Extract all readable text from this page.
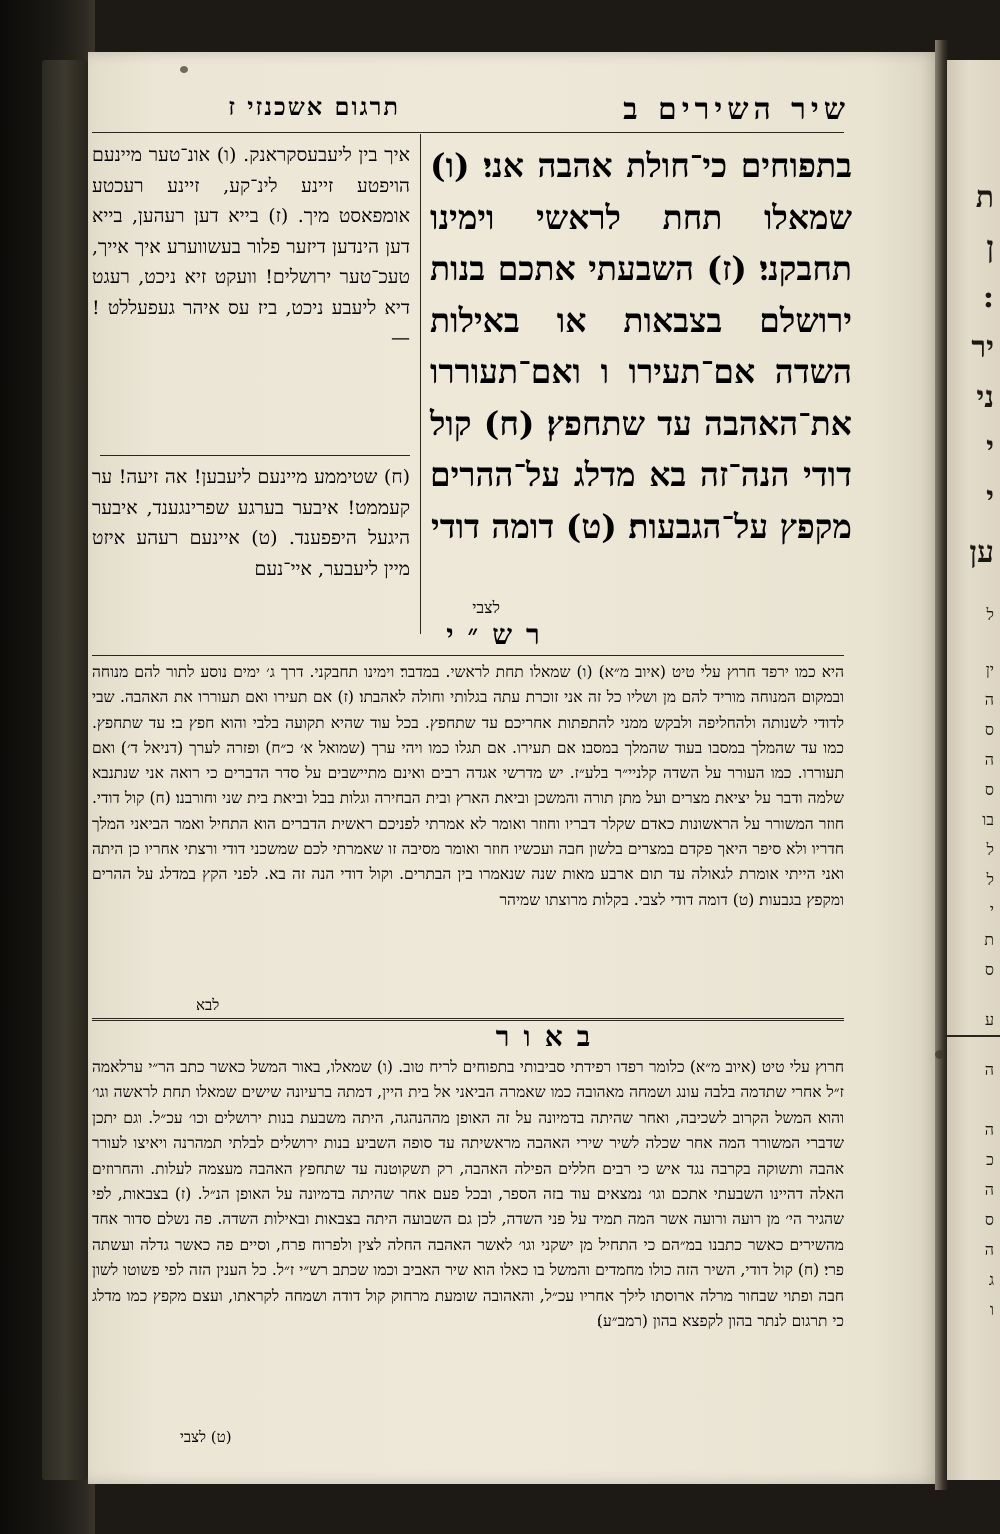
ת
ן
:
יר
ני
י
י
ען
ל
ין
ה
ס
ה
ס
בו
ל
ל
י
ת
ס
ע
ה
ה
כ
ה
ס
ה
ג
ו
שיר השירים ב
תרגום אשכנזי ז
בתפוחים כי־חולת אהבה אני׃ (ו) שמאלו תחת לראשי וימינו תחבקני׃ (ז) השבעתי אתכם בנות ירושלם בצבאות או באילות השדה אם־תעירו ו ואם־תעוררו את־האהבה עד שתחפץ׃ (ח) קול דודי הנה־זה בא מדלג על־ההרים מקפץ על־הגבעות׃ (ט) דומה דודי
לצבי
איך בין ליעבעסקראנק. (ו) אונ־טער מיינעם הויפטע זיינע לינ־קע, זיינע רעכטע אומפאסט מיך. (ז) בייא דען רעהען, בייא דען הינדען דיזער פלור בעשווערע איך אייך, טעכ־טער ירושלים! וועקט זיא ניכט, רעגט דיא ליעבע ניכט, ביז עס איהר געפעללט ! —
(ח) שטיממע מיינעם ליעבען! אה זיעה! ער קעממט! איבער בערגע שפרינגענד, איבער היגעל היפפענד. (ט) איינעם רעהע איזט מיין ליעבער, איי־נעם
רש״י
היא כמו ירפד חרוץ עלי טיט (איוב מ״א)׃ (ו) שמאלו תחת לראשי. במדבר׃ וימינו תחבקני. דרך ג׳ ימים נוסע לתור להם מנוחה ובמקום המנוחה מוריד להם מן ושליו כל זה אני זוכרת עתה בגלותי וחולה לאהבתו׃ (ז) אם תעירו ואם תעוררו את האהבה. שבי לדודי לשנותה ולהחליפה ולבקש ממני להתפתות אחריכם׃ עד שתחפץ. בכל עוד שהיא תקועה בלבי והוא חפץ בי׃ עד שתחפץ. כמו עד שהמלך במסבו בעוד שהמלך במסבו׃ אם תעירו. אם תגלו כמו ויהי ערך (שמואל א׳ כ״ח) ופזרה לערך (דניאל ד׳)׃ ואם תעוררו. כמו העורר על השדה קלניי״ר בלע״ז. יש מדרשי אגדה רבים ואינם מתיישבים על סדר הדברים כי רואה אני שנתנבא שלמה ודבר על יציאת מצרים ועל מתן תורה והמשכן וביאת הארץ ובית הבחירה וגלות בבל וביאת בית שני וחורבנו׃ (ח) קול דודי. חוזר המשורר על הראשונות כאדם שקלר דבריו וחוזר ואומר לא אמרתי לפניכם ראשית הדברים הוא התחיל ואמר הביאני המלך חדריו ולא סיפר היאך פקדם במצרים בלשון חבה ועכשיו חוזר ואומר מסיבה זו שאמרתי לכם שמשכני דודי ורצתי אחריו כן היתה ואני הייתי אומרת לגאולה עד תום ארבע מאות שנה שנאמרו בין הבתרים. וקול דודי הנה זה בא. לפני הקץ במדלג על ההרים ומקפץ בגבעות׃ (ט) דומה דודי לצבי. בקלות מרוצתו שמיהר
לבא
באור
חרוץ עלי טיט (איוב מ״א) כלומר רפדו רפידתי סביבותי בתפוחים לריח טוב. (ו) שמאלו, באור המשל כאשר כתב הר״י ערלאמה ז״ל אחרי שתדמה בלבה עונג ושמחה מאהובה כמו שאמרה הביאני אל בית היין, דמתה ברעיונה שישים שמאלו תחת לראשה וגו׳ והוא המשל הקרוב לשכיבה, ואחר שהיתה בדמיונה על זה האופן מההנהגה, היתה משבעת בנות ירושלים וכו׳ עכ״ל. וגם יתכן שדברי המשורר המה אחר שכלה לשיר שירי האהבה מראשיתה עד סופה השביע בנות ירושלים לבלתי תמהרנה ויאיצו לעורר אהבה ותשוקה בקרבה נגד איש כי רבים חללים הפילה האהבה, רק תשקוטנה עד שתחפץ האהבה מעצמה לעלות. והחרוזים האלה דהיינו השבעתי אתכם וגו׳ נמצאים עוד בזה הספר, ובכל פעם אחר שהיתה בדמיונה על האופן הנ״ל. (ז) בצבאות, לפי שהגיר הי׳ מן רועה ורועה אשר המה תמיד על פני השדה, לכן גם השבועה היתה בצבאות ובאילות השדה. פה נשלם סדור אחד מהשירים כאשר כתבנו במ״הם כי התחיל מן ישקני וגו׳ לאשר האהבה החלה לצין ולפרוח פרח, וסיים פה כאשר גדלה ועשתה פרי׃ (ח) קול דודי, השיר הזה כולו מחמדים והמשל בו כאלו הוא שיר האביב וכמו שכתב רש״י ז״ל. כל הענין הזה לפי פשוטו לשון חבה ופתוי שבחור מרלה ארוסתו לילך אחריו עכ״ל, והאהובה שומעת מרחוק קול דודה ושמחה לקראתו, ועצם מקפץ כמו מדלג כי תרגום לנתר בהון לקפצא בהון (רמב״ע)׃
(ט) לצבי
